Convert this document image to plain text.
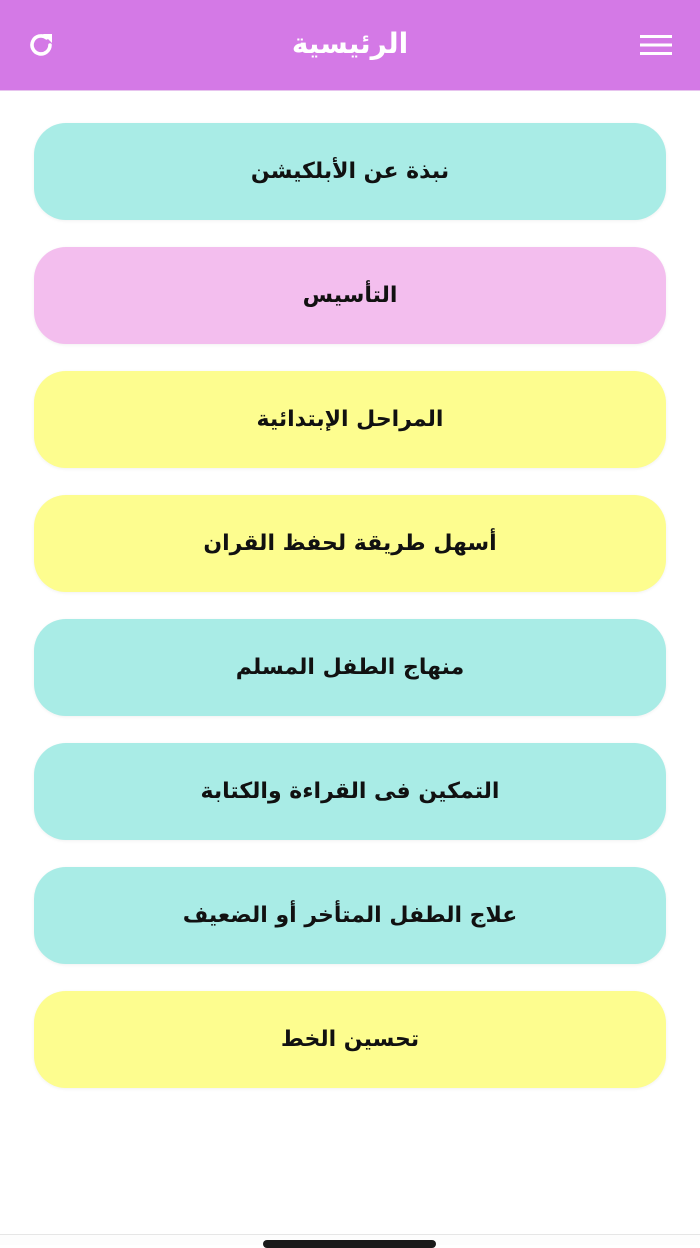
الرئيسية
نبذة عن الأبلكيشن
التأسيس
المراحل الإبتدائية
أسهل طريقة لحفظ القران
منهاج الطفل المسلم
التمكين فى القراءة والكتابة
علاج الطفل المتأخر أو الضعيف
تحسين الخط
